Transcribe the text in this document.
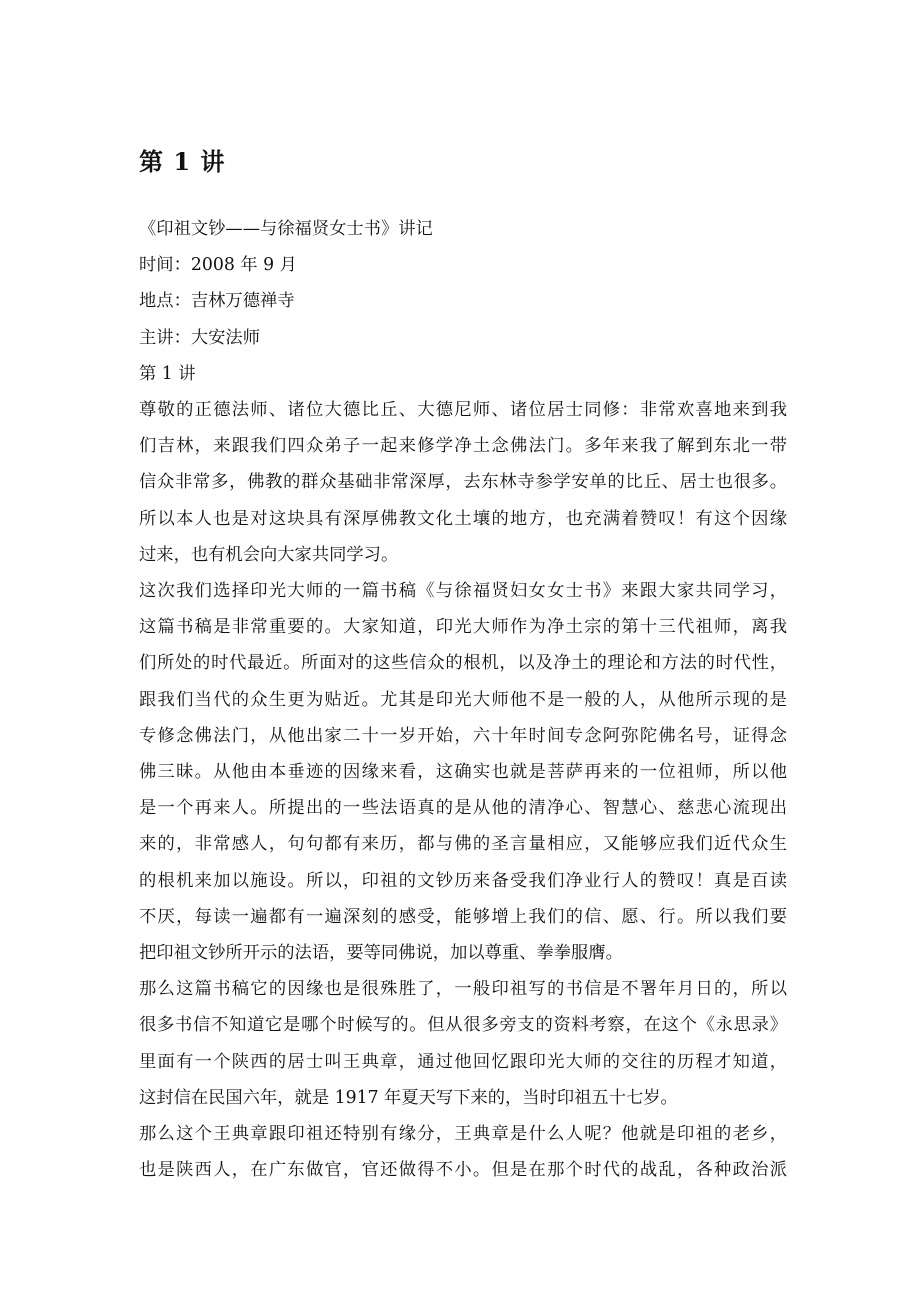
第 1 讲
《印祖文钞——与徐福贤女士书》讲记
时间：2008 年 9 月
地点：吉林万德禅寺
主讲：大安法师
第 1 讲
尊敬的正德法师、诸位大德比丘、大德尼师、诸位居士同修：非常欢喜地来到我
们吉林，来跟我们四众弟子一起来修学净土念佛法门。多年来我了解到东北一带
信众非常多，佛教的群众基础非常深厚，去东林寺参学安单的比丘、居士也很多。
所以本人也是对这块具有深厚佛教文化土壤的地方，也充满着赞叹！有这个因缘
过来，也有机会向大家共同学习。
这次我们选择印光大师的一篇书稿《与徐福贤妇女女士书》来跟大家共同学习，
这篇书稿是非常重要的。大家知道，印光大师作为净土宗的第十三代祖师，离我
们所处的时代最近。所面对的这些信众的根机，以及净土的理论和方法的时代性，
跟我们当代的众生更为贴近。尤其是印光大师他不是一般的人，从他所示现的是
专修念佛法门，从他出家二十一岁开始，六十年时间专念阿弥陀佛名号，证得念
佛三昧。从他由本垂迹的因缘来看，这确实也就是菩萨再来的一位祖师，所以他
是一个再来人。所提出的一些法语真的是从他的清净心、智慧心、慈悲心流现出
来的，非常感人，句句都有来历，都与佛的圣言量相应，又能够应我们近代众生
的根机来加以施设。所以，印祖的文钞历来备受我们净业行人的赞叹！真是百读
不厌，每读一遍都有一遍深刻的感受，能够增上我们的信、愿、行。所以我们要
把印祖文钞所开示的法语，要等同佛说，加以尊重、拳拳服膺。
那么这篇书稿它的因缘也是很殊胜了，一般印祖写的书信是不署年月日的，所以
很多书信不知道它是哪个时候写的。但从很多旁支的资料考察，在这个《永思录》
里面有一个陕西的居士叫王典章，通过他回忆跟印光大师的交往的历程才知道，
这封信在民国六年，就是 1917 年夏天写下来的，当时印祖五十七岁。
那么这个王典章跟印祖还特别有缘分，王典章是什么人呢？他就是印祖的老乡，
也是陕西人，在广东做官，官还做得不小。但是在那个时代的战乱，各种政治派
